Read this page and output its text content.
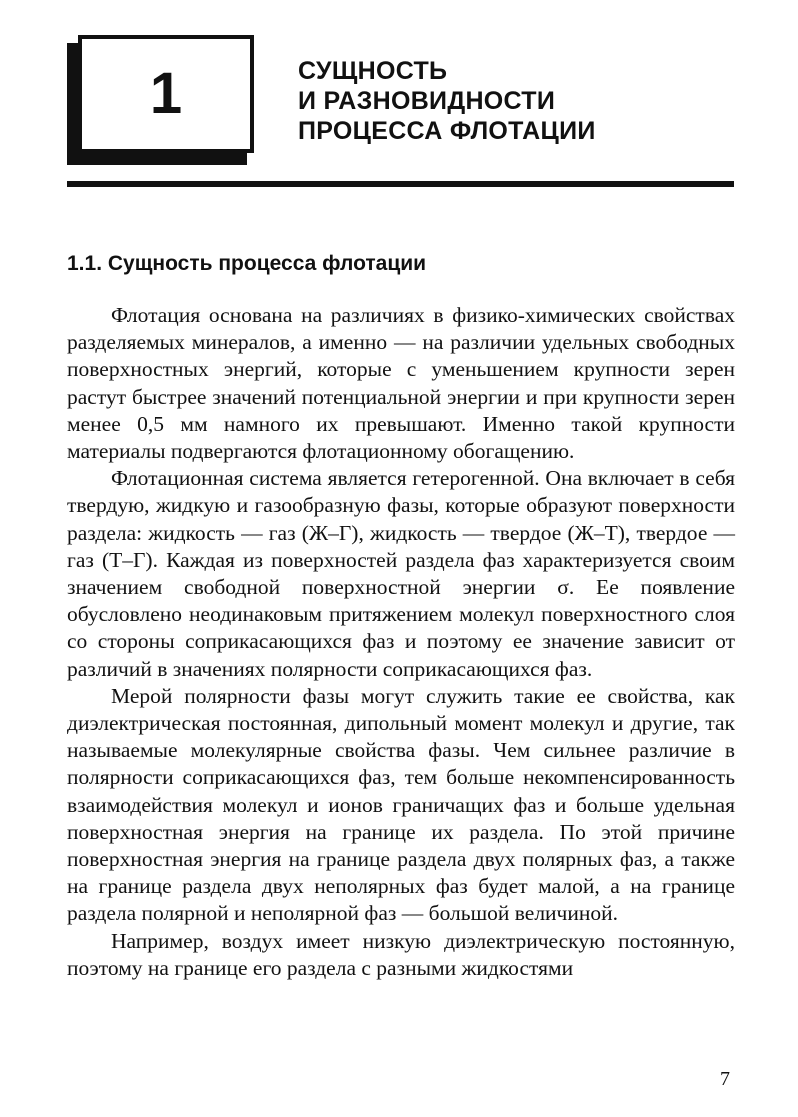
1	СУЩНОСТЬ
И РАЗНОВИДНОСТИ
ПРОЦЕССА ФЛОТАЦИИ
1.1. Сущность процесса флотации

Флотация основана на различиях в физико-химических свойствах разделяемых минералов, а именно — на различии удельных свободных поверхностных энергий, которые с уменьшением крупности зерен растут быстрее значений потенциальной энергии и при крупности зерен менее 0,5 мм намного их превышают. Именно такой крупности материалы подвергаются флотационному обогащению.

Флотационная система является гетерогенной. Она включает в себя твердую, жидкую и газообразную фазы, которые образуют поверхности раздела: жидкость — газ (Ж–Г), жидкость — твердое (Ж–Т), твердое — газ (Т–Г). Каждая из поверхностей раздела фаз характеризуется своим значением свободной поверхностной энергии σ. Ее появление обусловлено неодинаковым притяжением молекул поверхностного слоя со стороны соприкасающихся фаз и поэтому ее значение зависит от различий в значениях полярности соприкасающихся фаз.

Мерой полярности фазы могут служить такие ее свойства, как диэлектрическая постоянная, дипольный момент молекул и другие, так называемые молекулярные свойства фазы. Чем сильнее различие в полярности соприкасающихся фаз, тем больше некомпенсированность взаимодействия молекул и ионов граничащих фаз и больше удельная поверхностная энергия на границе их раздела. По этой причине поверхностная энергия на границе раздела двух полярных фаз, а также на границе раздела двух неполярных фаз будет малой, а на границе раздела полярной и неполярной фаз — большой величиной.

Например, воздух имеет низкую диэлектрическую постоянную, поэтому на границе его раздела с разными жидкостями

7
